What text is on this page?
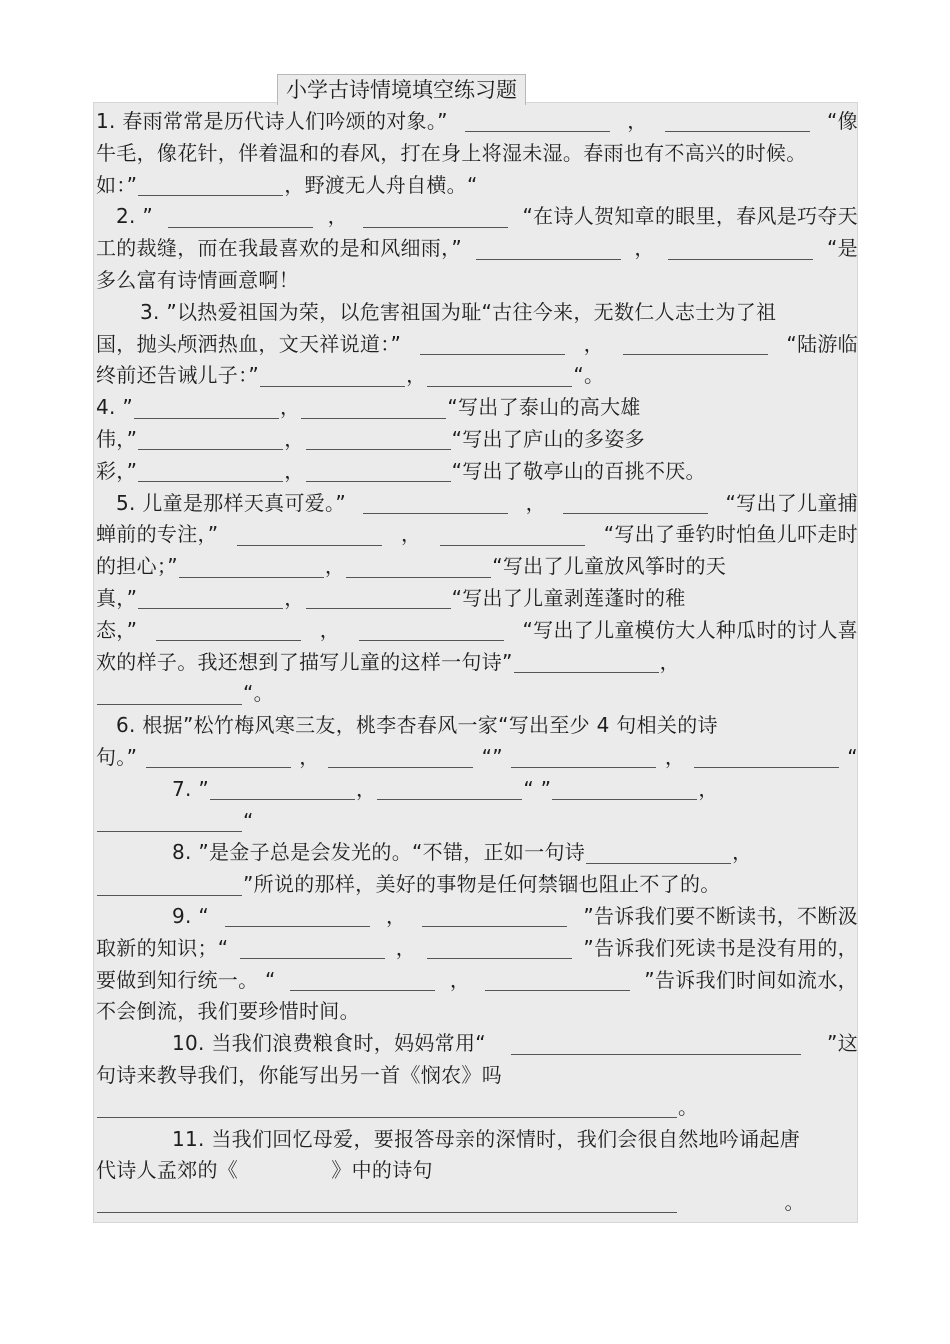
小学古诗情境填空练习题
1. 春雨常常是历代诗人们吟颂的对象。”	，	“像
牛毛，像花针，伴着温和的春风，打在身上将湿未湿。春雨也有不高兴的时候。
如：”	，野渡无人舟自横。“
2. ”	，	“在诗人贺知章的眼里，春风是巧夺天
工的裁缝，而在我最喜欢的是和风细雨，”	，	“是
多么富有诗情画意啊！
3. ”以热爱祖国为荣，以危害祖国为耻“古往今来，无数仁人志士为了祖
国，抛头颅洒热血，文天祥说道：”	，	“陆游临
终前还告诫儿子：”	，	“。
4. ”	，	“写出了泰山的高大雄
伟，”	，	“写出了庐山的多姿多
彩，”	，	“写出了敬亭山的百挑不厌。
5. 儿童是那样天真可爱。”	，	“写出了儿童捕
蝉前的专注，”	，	“写出了垂钓时怕鱼儿吓走时
的担心；”	，	“写出了儿童放风筝时的天
真，”	，	“写出了儿童剥莲蓬时的稚
态，”	，	“写出了儿童模仿大人种瓜时的讨人喜
欢的样子。我还想到了描写儿童的这样一句诗”	，
“。
6. 根据”松竹梅风寒三友，桃李杏春风一家“写出至少 4 句相关的诗
句。”	，	“”	，	“
7. ”	，	“ ”	，
“
8. ”是金子总是会发光的。“不错，正如一句诗	，
”所说的那样，美好的事物是任何禁锢也阻止不了的。
9. “	，	”告诉我们要不断读书，不断汲
取新的知识；“	，	”告诉我们死读书是没有用的，
要做到知行统一。 “	，	”告诉我们时间如流水，
不会倒流，我们要珍惜时间。
10. 当我们浪费粮食时，妈妈常用“	”这
句诗来教导我们，你能写出另一首《悯农》吗
。
11. 当我们回忆母爱，要报答母亲的深情时，我们会很自然地吟诵起唐
代诗人孟郊的《              》中的诗句
。
